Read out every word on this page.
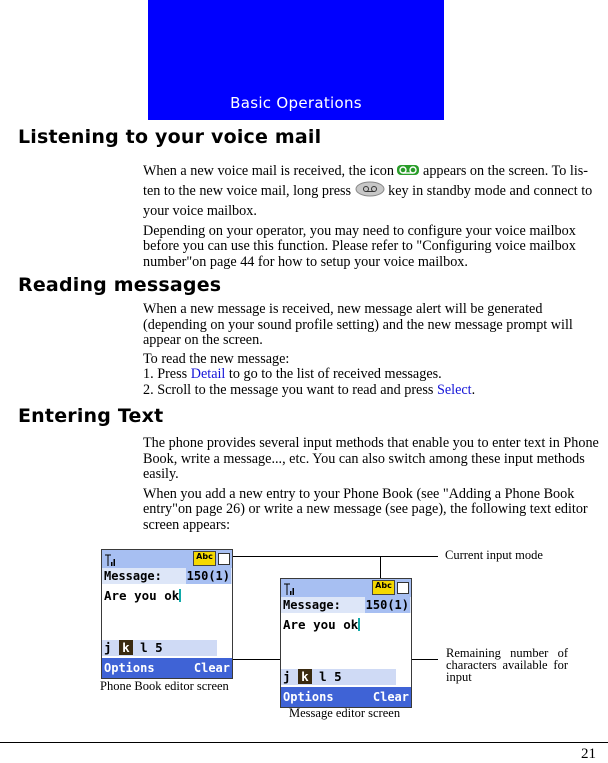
Basic Operations
Listening to your voice mail

When a new voice mail is received, the icon appears on the screen. To lis- ten to the new voice mail, long press	key in standby mode and connect to your voice mailbox.

Depending on your operator, you may need to configure your voice mailbox before you can use this function. Please refer to "Configuring voice mailbox number"on page 44 for how to setup your voice mailbox.

Reading messages

When a new message is received, new message alert will be generated (depending on your sound profile setting) and the new message prompt will appear on the screen.

To read the new message:
1. Press Detail to go to the list of received messages.
2. Scroll to the message you want to read and press Select.
Entering Text

The phone provides several input methods that enable you to enter text in Phone Book, write a message..., etc. You can also switch among these input methods easily.

When you add a new entry to your Phone Book (see "Adding a Phone Book entry"on page 26) or write a new message (see page), the following text editor screen appears:

Abc
Message: 150(1)
Are you ok
j k l 5
Options	Clear
Phone Book editor screen
Abc
Message: 150(1)
Are you ok
j k l 5
Options	Clear
Message editor screen
Current input mode
Remaining number of characters available for input
21
